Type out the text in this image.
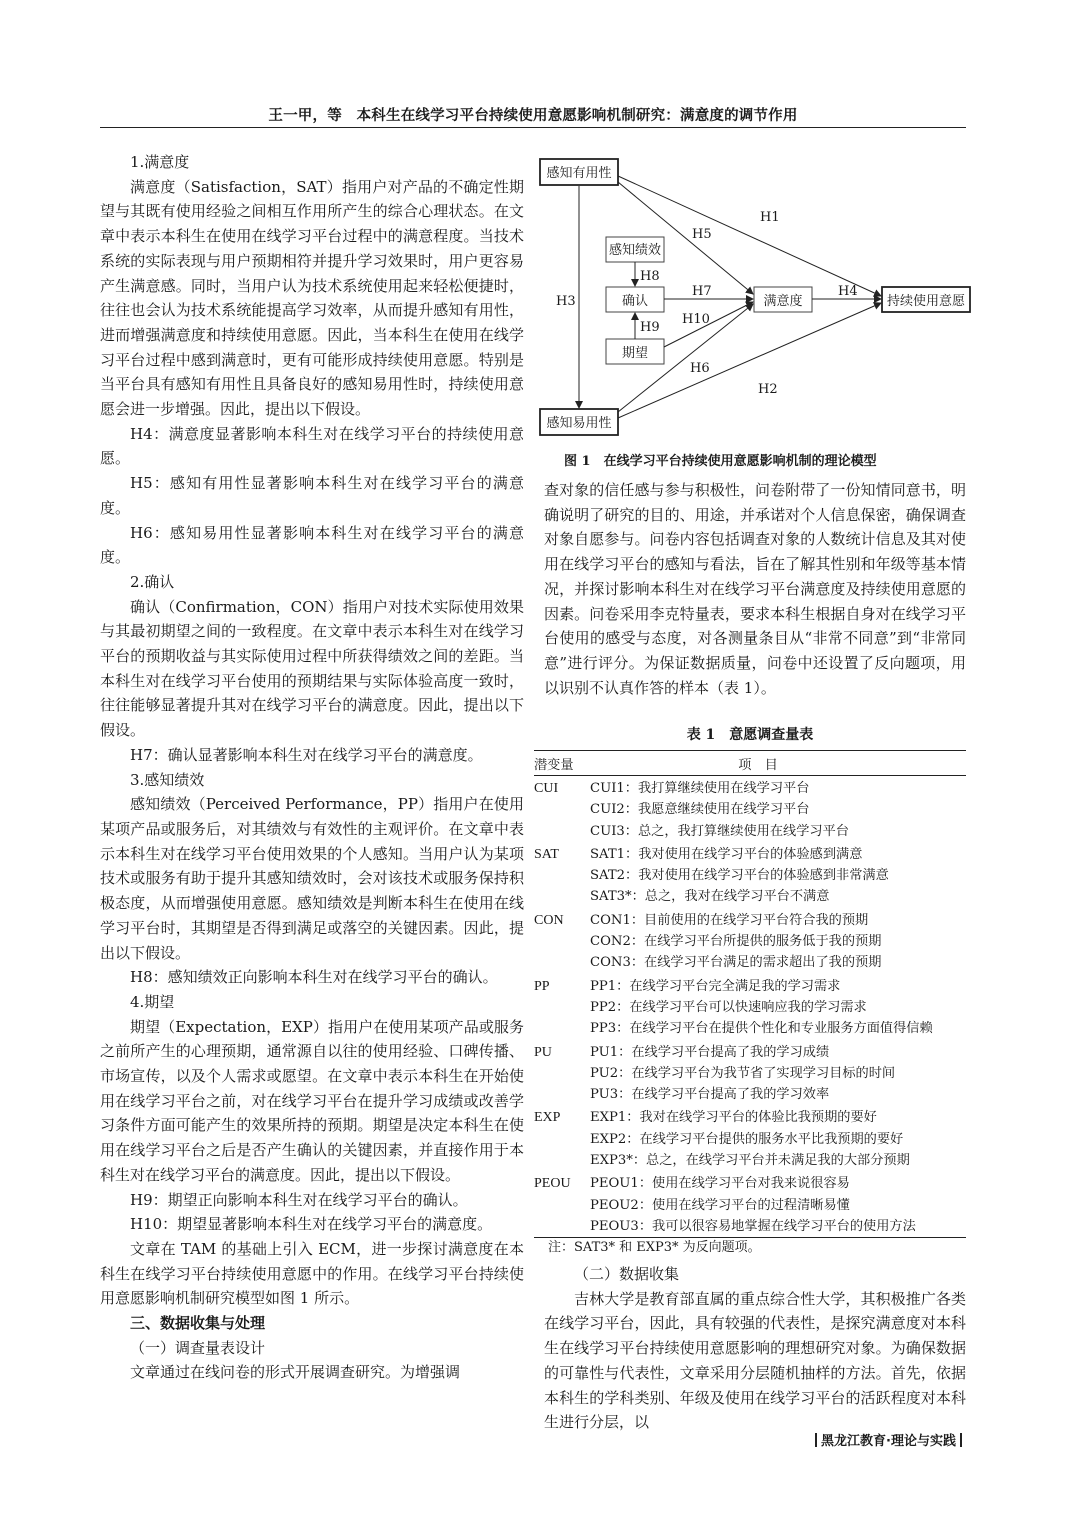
王一甲，等　本科生在线学习平台持续使用意愿影响机制研究：满意度的调节作用

1.满意度

满意度（Satisfaction，SAT）指用户对产品的不确定性期望与其既有使用经验之间相互作用所产生的综合心理状态。在文章中表示本科生在使用在线学习平台过程中的满意程度。当技术系统的实际表现与用户预期相符并提升学习效果时，用户更容易产生满意感。同时，当用户认为技术系统使用起来轻松便捷时，往往也会认为技术系统能提高学习效率，从而提升感知有用性，进而增强满意度和持续使用意愿。因此，当本科生在使用在线学习平台过程中感到满意时，更有可能形成持续使用意愿。特别是当平台具有感知有用性且具备良好的感知易用性时，持续使用意愿会进一步增强。因此，提出以下假设。

H4：满意度显著影响本科生对在线学习平台的持续使用意愿。

H5：感知有用性显著影响本科生对在线学习平台的满意度。

H6：感知易用性显著影响本科生对在线学习平台的满意度。

2.确认

确认（Confirmation，CON）指用户对技术实际使用效果与其最初期望之间的一致程度。在文章中表示本科生对在线学习平台的预期收益与其实际使用过程中所获得绩效之间的差距。当本科生对在线学习平台使用的预期结果与实际体验高度一致时，往往能够显著提升其对在线学习平台的满意度。因此，提出以下假设。

H7：确认显著影响本科生对在线学习平台的满意度。

3.感知绩效

感知绩效（Perceived Performance，PP）指用户在使用某项产品或服务后，对其绩效与有效性的主观评价。在文章中表示本科生对在线学习平台使用效果的个人感知。当用户认为某项技术或服务有助于提升其感知绩效时，会对该技术或服务保持积极态度，从而增强使用意愿。感知绩效是判断本科生在使用在线学习平台时，其期望是否得到满足或落空的关键因素。因此，提出以下假设。

H8：感知绩效正向影响本科生对在线学习平台的确认。

4.期望

期望（Expectation，EXP）指用户在使用某项产品或服务之前所产生的心理预期，通常源自以往的使用经验、口碑传播、市场宣传，以及个人需求或愿望。在文章中表示本科生在开始使用在线学习平台之前，对在线学习平台在提升学习成绩或改善学习条件方面可能产生的效果所持的预期。期望是决定本科生在使用在线学习平台之后是否产生确认的关键因素，并直接作用于本科生对在线学习平台的满意度。因此，提出以下假设。

H9：期望正向影响本科生对在线学习平台的确认。

H10：期望显著影响本科生对在线学习平台的满意度。

文章在 TAM 的基础上引入 ECM，进一步探讨满意度在本科生在线学习平台持续使用意愿中的作用。在线学习平台持续使用意愿影响机制研究模型如图 1 所示。

三、数据收集与处理

（一）调查量表设计

文章通过在线问卷的形式开展调查研究。为增强调

感知有用性
感知易用性
感知绩效
确认
期望
满意度	持续使用意愿
H1
H2
H3
H4
H5
H6
H7
H8
H9
H10
图 1　在线学习平台持续使用意愿影响机制的理论模型

查对象的信任感与参与积极性，问卷附带了一份知情同意书，明确说明了研究的目的、用途，并承诺对个人信息保密，确保调查对象自愿参与。问卷内容包括调查对象的人数统计信息及其对使用在线学习平台的感知与看法，旨在了解其性别和年级等基本情况，并探讨影响本科生对在线学习平台满意度及持续使用意愿的因素。问卷采用李克特量表，要求本科生根据自身对在线学习平台使用的感受与态度，对各测量条目从“非常不同意”到“非常同意”进行评分。为保证数据质量，问卷中还设置了反向题项，用以识别不认真作答的样本（表 1）。

表 1　意愿调查量表
潜变量	项　目
CUI	CUI1：我打算继续使用在线学习平台
CUI2：我愿意继续使用在线学习平台
CUI3：总之，我打算继续使用在线学习平台
SAT	SAT1：我对使用在线学习平台的体验感到满意
SAT2：我对使用在线学习平台的体验感到非常满意
SAT3*：总之，我对在线学习平台不满意
CON	CON1：目前使用的在线学习平台符合我的预期
CON2：在线学习平台所提供的服务低于我的预期
CON3：在线学习平台满足的需求超出了我的预期
PP	PP1：在线学习平台完全满足我的学习需求
PP2：在线学习平台可以快速响应我的学习需求
PP3：在线学习平台在提供个性化和专业服务方面值得信赖
PU	PU1：在线学习平台提高了我的学习成绩
PU2：在线学习平台为我节省了实现学习目标的时间
PU3：在线学习平台提高了我的学习效率
EXP	EXP1：我对在线学习平台的体验比我预期的要好
EXP2：在线学习平台提供的服务水平比我预期的要好
EXP3*：总之，在线学习平台并未满足我的大部分预期
PEOU	PEOU1：使用在线学习平台对我来说很容易
PEOU2：使用在线学习平台的过程清晰易懂
PEOU3：我可以很容易地掌握在线学习平台的使用方法
注：SAT3* 和 EXP3* 为反向题项。

（二）数据收集

吉林大学是教育部直属的重点综合性大学，其积极推广各类在线学习平台，因此，具有较强的代表性，是探究满意度对本科生在线学习平台持续使用意愿影响的理想研究对象。为确保数据的可靠性与代表性，文章采用分层随机抽样的方法。首先，依据本科生的学科类别、年级及使用在线学习平台的活跃程度对本科生进行分层，以

黑龙江教育·理论与实践
